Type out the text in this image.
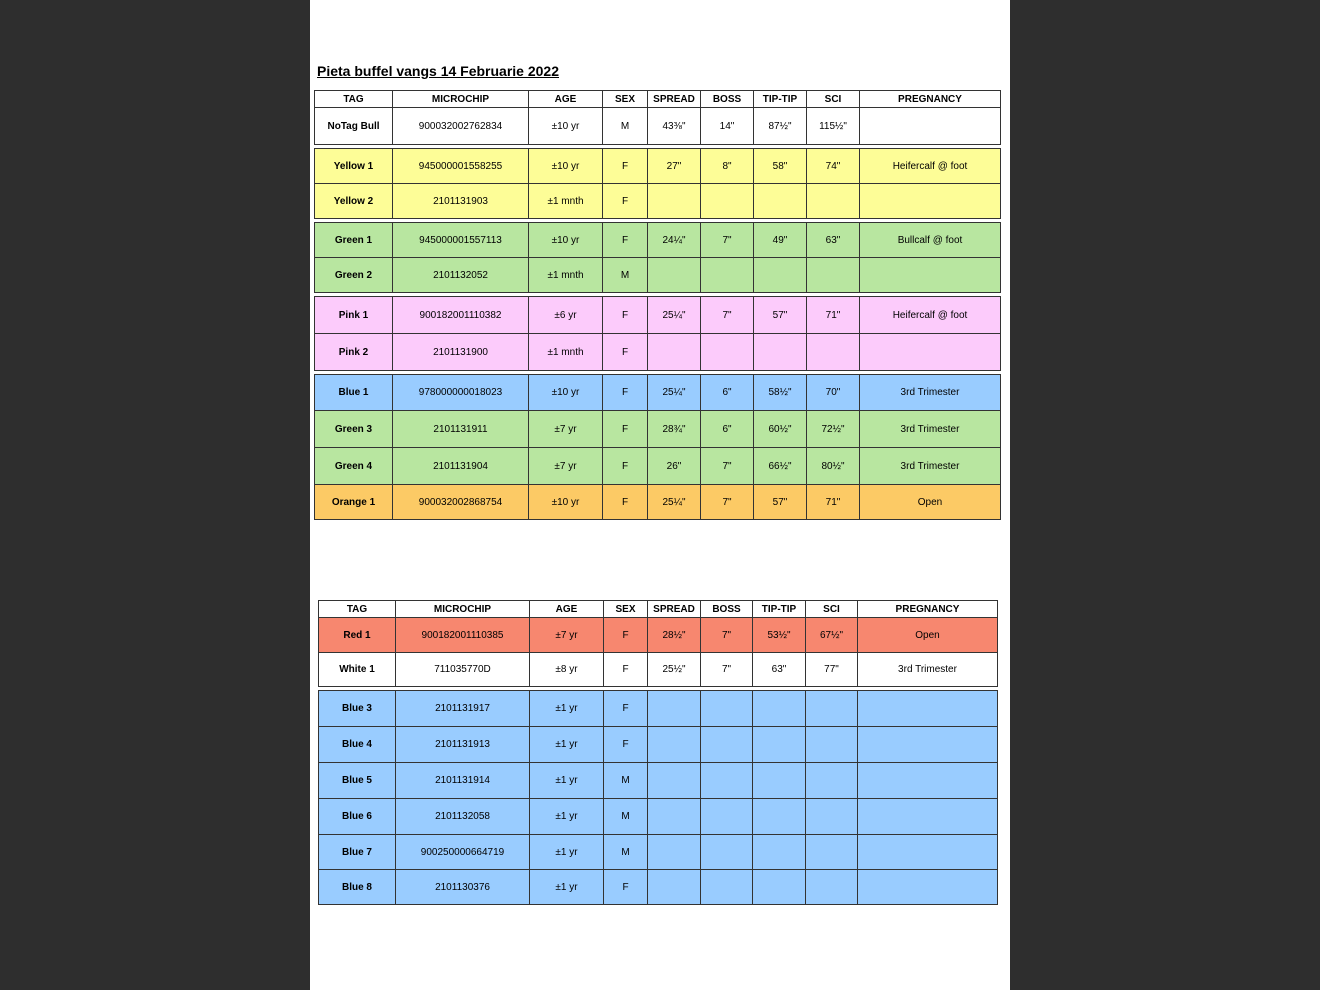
Pieta buffel vangs 14 Februarie 2022
TAG	MICROCHIP	AGE	SEX	SPREAD	BOSS	TIP-TIP	SCI	PREGNANCY
NoTag Bull	900032002762834	±10 yr	M	43⅜"	14"	87½"	115½"	
Yellow 1	945000001558255	±10 yr	F	27"	8"	58"	74"	Heifercalf @ foot
Yellow 2	2101131903	±1 mnth	F					
Green 1	945000001557113	±10 yr	F	24¼"	7"	49"	63"	Bullcalf @ foot
Green 2	2101132052	±1 mnth	M					
Pink 1	900182001110382	±6 yr	F	25¼"	7"	57"	71"	Heifercalf @ foot
Pink 2	2101131900	±1 mnth	F					
Blue 1	978000000018023	±10 yr	F	25¼"	6"	58½"	70"	3rd Trimester
Green 3	2101131911	±7 yr	F	28¾"	6"	60½"	72½"	3rd Trimester
Green 4	2101131904	±7 yr	F	26"	7"	66½"	80½"	3rd Trimester
Orange 1	900032002868754	±10 yr	F	25¼"	7"	57"	71"	Open
TAG	MICROCHIP	AGE	SEX	SPREAD	BOSS	TIP-TIP	SCI	PREGNANCY
Red 1	900182001110385	±7 yr	F	28½"	7"	53½"	67½"	Open
White 1	711035770D	±8 yr	F	25½"	7"	63"	77"	3rd Trimester
Blue 3	2101131917	±1 yr	F					
Blue 4	2101131913	±1 yr	F					
Blue 5	2101131914	±1 yr	M					
Blue 6	2101132058	±1 yr	M					
Blue 7	900250000664719	±1 yr	M					
Blue 8	2101130376	±1 yr	F					
